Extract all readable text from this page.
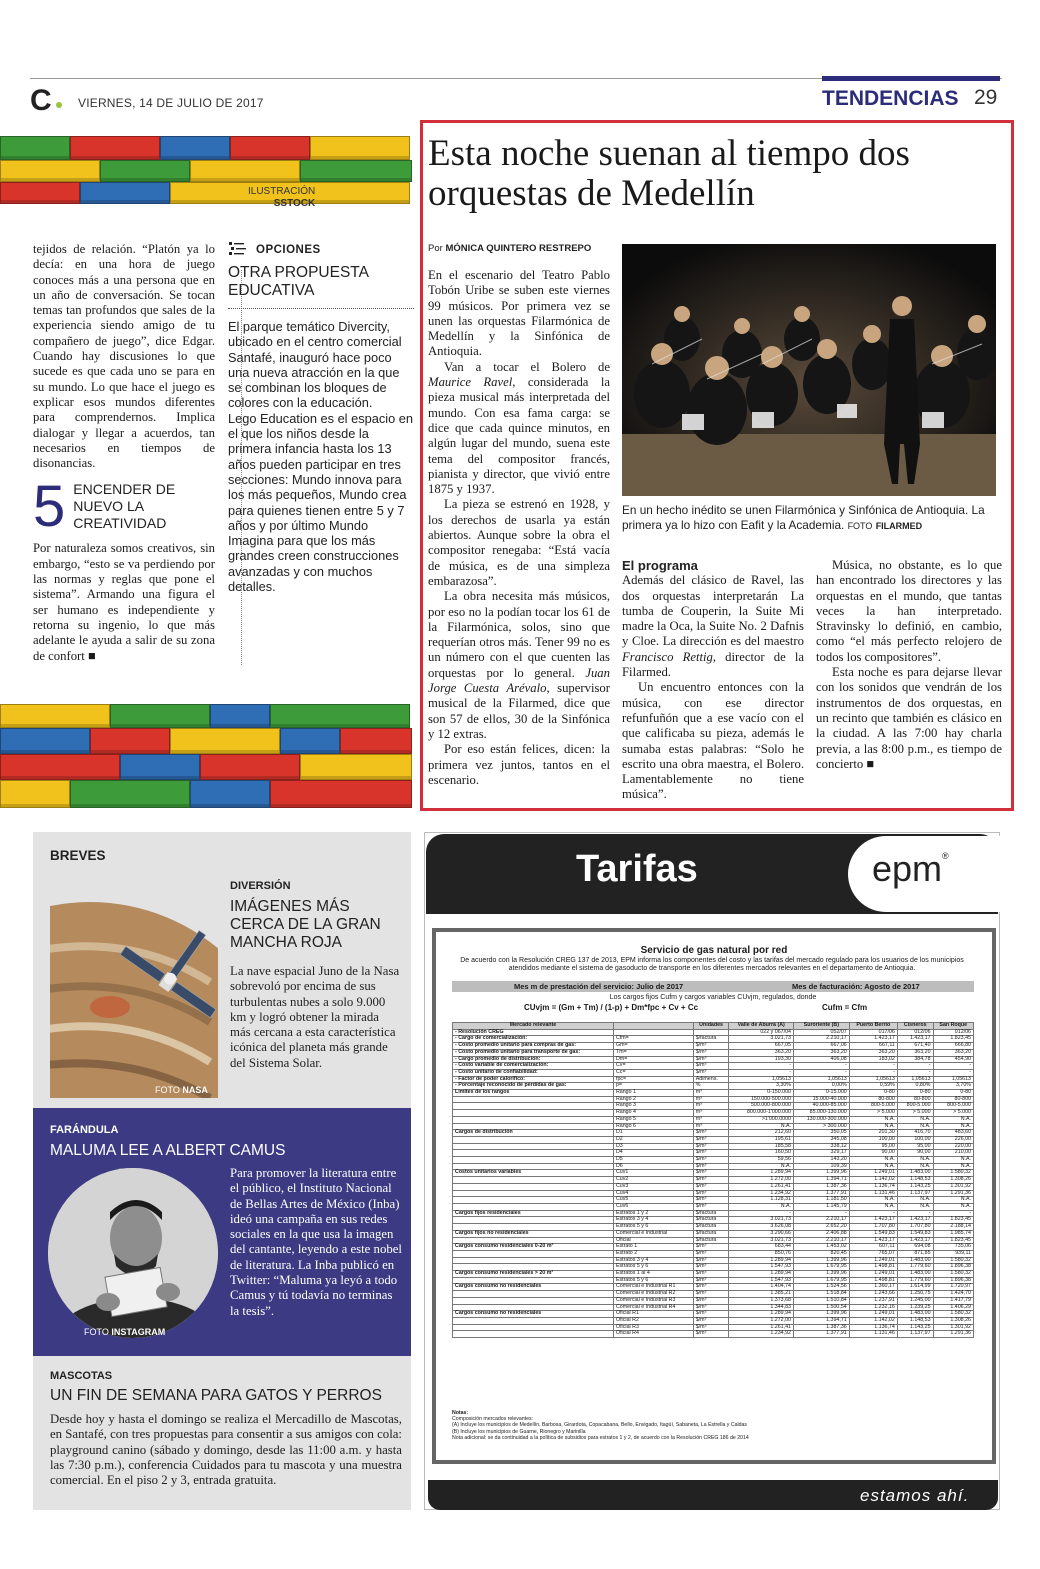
C VIERNES, 14 DE JULIO DE 2017	TENDENCIAS 29
ILUSTRACIÓN
SSTOCK

tejidos de relación. “Platón ya lo decía: en una hora de juego conoces más a una persona que en un año de conversación. Se tocan temas tan profundos que sales de la experiencia siendo amigo de tu compañero de juego”, dice Edgar. Cuando hay discusiones lo que sucede es que cada uno se para en su mundo. Lo que hace el juego es explicar esos mundos diferentes para comprendernos. Implica dialogar y llegar a acuerdos, tan necesarios en tiempos de disonancias.

5 ENCENDER DE NUEVO LA CREATIVIDAD

Por naturaleza somos creativos, sin embargo, “esto se va perdiendo por las normas y reglas que pone el sistema”. Armando una figura el ser humano es independiente y retorna su ingenio, lo que más adelante le ayuda a salir de su zona de confort ■

OPCIONES
OTRA PROPUESTA EDUCATIVA

El parque temático Divercity, ubicado en el centro comercial Santafé, inauguró hace poco una nueva atracción en la que se combinan los bloques de colores con la educación.

Lego Education es el espacio en el que los niños desde la primera infancia hasta los 13 años pueden participar en tres secciones: Mundo innova para los más pequeños, Mundo crea para quienes tienen entre 5 y 7 años y por último Mundo Imagina para que los más grandes creen construcciones avanzadas y con muchos detalles.

Esta noche suenan al tiempo dos orquestas de Medellín
Por MÓNICA QUINTERO RESTREPO

En el escenario del Teatro Pablo Tobón Uribe se suben este viernes 99 músicos. Por primera vez se unen las orquestas Filarmónica de Medellín y la Sinfónica de Antioquia.

Van a tocar el Bolero de Maurice Ravel, considerada la pieza musical más interpretada del mundo. Con esa fama carga: se dice que cada quince minutos, en algún lugar del mundo, suena este tema del compositor francés, pianista y director, que vivió entre 1875 y 1937.

La pieza se estrenó en 1928, y los derechos de usarla ya están abiertos. Aunque sobre la obra el compositor renegaba: “Está vacía de música, es de una simpleza embarazosa”.

La obra necesita más músicos, por eso no la podían tocar los 61 de la Filarmónica, solos, sino que requerían otros más. Tener 99 no es un número con el que cuenten las orquestas por lo general. Juan Jorge Cuesta Arévalo, supervisor musical de la Filarmed, dice que son 57 de ellos, 30 de la Sinfónica y 12 extras.

Por eso están felices, dicen: la primera vez juntos, tantos en el escenario.

En un hecho inédito se unen Filarmónica y Sinfónica de Antioquia. La primera ya lo hizo con Eafit y la Academia. FOTO FILARMED
El programa

Además del clásico de Ravel, las dos orquestas interpretarán La tumba de Couperin, la Suite Mi madre la Oca, la Suite No. 2 Dafnis y Cloe. La dirección es del maestro Francisco Rettig, director de la Filarmed.

Un encuentro entonces con la música, con ese director refunfuñón que a ese vacío con el que calificaba su pieza, además le sumaba estas palabras: “Solo he escrito una obra maestra, el Bolero. Lamentablemente no tiene música”.

Música, no obstante, es lo que han encontrado los directores y las orquestas en el mundo, que tantas veces la han interpretado. Stravinsky lo definió, en cambio, como “el más perfecto relojero de todos los compositores”.

Esta noche es para dejarse llevar con los sonidos que vendrán de los instrumentos de dos orquestas, en un recinto que también es clásico en la ciudad. A las 7:00 hay charla previa, a las 8:00 p.m., es tiempo de concierto ■

BREVES
FOTO NASA
DIVERSIÓN
IMÁGENES MÁS CERCA DE LA GRAN MANCHA ROJA

La nave espacial Juno de la Nasa sobrevoló por encima de sus turbulentas nubes a solo 9.000 km y logró obtener la mirada más cercana a esta característica icónica del planeta más grande del Sistema Solar.

FARÁNDULA
MALUMA LEE A ALBERT CAMUS
FOTO INSTAGRAM

Para promover la literatura entre el público, el Instituto Nacional de Bellas Artes de México (Inba) ideó una campaña en sus redes sociales en la que usa la imagen del cantante, leyendo a este nobel de literatura. La Inba publicó en Twitter: “Maluma ya leyó a todo Camus y tú todavía no terminas la tesis”.

MASCOTAS
UN FIN DE SEMANA PARA GATOS Y PERROS

Desde hoy y hasta el domingo se realiza el Mercadillo de Mascotas, en Santafé, con tres propuestas para consentir a sus amigos con cola: playground canino (sábado y domingo, desde las 11:00 a.m. y hasta las 7:30 p.m.), conferencia Cuidados para tu mascota y una muestra comercial. En el piso 2 y 3, entrada gratuita.

Tarifas	epm®
Servicio de gas natural por red
De acuerdo con la Resolución CREG 137 de 2013, EPM informa los componentes del costo y las tarifas del mercado regulado para los usuarios de los municipios atendidos mediante el sistema de gasoducto de transporte en los diferentes mercados relevantes en el departamento de Antioquia.
Mes m de prestación del servicio: Julio de 2017	Mes de facturación: Agosto de 2017
Los cargos fijos Cufm y cargos variables CUvjm, regulados, donde
CUvjm = (Gm + Tm) / (1-p) + Dm*fpc + Cv + Cc	Cufm = Cfm
Mercado relevante		Unidades	Valle de Aburrá (A)	Suroriente (B)	Puerto Berrío	Cisneros	San Roque
- Resolución CREG			022 y 067/04	052/07	017/06	012/06	012/06
- Cargo de comercialización:	Cfm=	$/factura	3.021,73	2.210,17	1.423,17	1.423,17	1.823,45
- Costo promedio unitario para compras de gas:	Gm=	$/m³	667,05	667,06	667,11	671,40	666,80
- Costo promedio unitario para transporte de gas:	Tm=	$/m³	363,20	363,20	363,20	363,20	363,20
- Cargo promedio de distribución:	Dm=	$/m³	193,30	406,08	183,02	384,78	454,90
- Costo variable de comercialización:	Cv=	$/m³	-	-	-	-	-
- Costo unitario de confiabilidad:	Cc=	$/m³	-	-	-	-	-
- Factor de poder calorífico:	fpc=	Adimens.	1,05613	1,05613	1,05613	1,05613	1,05613
- Porcentaje reconocido de pérdidas de gas:	p=	%	3,30%	0,00%	0,59%	0,80%	3,70%
Límites de los rangos	Rango 1	m³	0-150.000	0-15.000	0-80	0-80	0-80
	Rango 2	m³	150.000-500.000	15.000-40.000	80-800	80-800	80-800
	Rango 3	m³	500.000-800.000	40.000-85.000	800-5.000	800-5.000	800-5.000
	Rango 4	m³	800.000-1'000.000	85.000-130.000	> 5.000	> 5.000	> 5.000
	Rango 5	m³	>1'000.0000	130.000-300.000	N.A.	N.A.	N.A.
	Rango 6	m³	N.A.	> 300.000	N.A.	N.A.	N.A.
Cargos de distribución	D1	$/m³	212,60	350,05	201,30	416,70	483,60
	D2	$/m³	195,61	345,08	100,00	100,00	226,00
	D3	$/m³	185,58	338,12	95,00	95,00	220,00
	D4	$/m³	160,50	329,17	90,00	90,00	210,00
	D5	$/m³	59,56	143,20	N.A.	N.A.	N.A.
	D6	$/m³	N.A.	109,39	N.A.	N.A.	N.A.
Costos unitarios variables	Cuv1	$/m³	1.289,94	1.399,96	1.249,01	1.483,00	1.580,32
	Cuv2	$/m³	1.272,00	1.394,71	1.142,02	1.148,53	1.308,26
	Cuv3	$/m³	1.261,41	1.387,36	1.136,74	1.143,25	1.301,92
	Cuv4	$/m³	1.234,92	1.377,91	1.131,46	1.137,97	1.291,36
	Cuv5	$/m³	1.128,31	1.181,50	N.A.	N.A.	N.A.
	Cuv6	$/m³	N.A.	1.145,79	N.A.	N.A.	N.A.
Cargos fijos residenciales	Estratos 1 y 2	$/factura	-	-	-	-	-
	Estratos 3 y 4	$/factura	3.021,73	2.210,17	1.423,17	1.423,17	1.823,45
	Estratos 5 y 6	$/factura	3.626,08	2.652,20	1.707,80	1.707,80	2.188,14
Cargos fijos no residenciales	Comercial e Industrial	$/factura	3.290,66	2.406,88	1.549,83	1.549,83	1.985,74
	Oficial	$/factura	3.021,73	2.210,17	1.423,17	1.423,17	1.823,45
Cargos consumo residenciales 0-20 m³	Estrato 1	$/m³	683,44	1.453,02	607,11	694,08	735,06
	Estrato 2	$/m³	850,76	820,45	765,07	871,85	939,11
	Estratos 3 y 4	$/m³	1.289,94	1.399,96	1.249,01	1.483,00	1.580,32
	Estratos 5 y 6	$/m³	1.547,93	1.679,95	1.498,81	1.779,60	1.896,38
Cargos consumo residenciales > 20 m³	Estratos 1 al 4	$/m³	1.289,94	1.399,96	1.249,01	1.483,00	1.580,32
	Estratos 5 y 6	$/m³	1.547,93	1.679,95	1.498,81	1.779,60	1.896,38
Cargos consumo no residenciales	Comercial e Industrial R1	$/m³	1.404,74	1.524,56	1.360,17	1.614,99	1.720,97
	Comercial e Industrial R2	$/m³	1.385,21	1.518,84	1.243,66	1.250,75	1.424,70
	Comercial e Industrial R3	$/m³	1.373,68	1.510,84	1.237,91	1.245,00	1.417,79
	Comercial e Industrial R4	$/m³	1.344,83	1.500,54	1.232,16	1.239,25	1.406,29
Cargos consumo no residenciales	Oficial R1	$/m³	1.289,94	1.399,96	1.249,01	1.483,00	1.580,32
	Oficial R2	$/m³	1.272,00	1.394,71	1.142,02	1.148,53	1.308,26
	Oficial R3	$/m³	1.261,41	1.387,36	1.136,74	1.143,25	1.301,92
	Oficial R4	$/m³	1.234,92	1.377,91	1.131,46	1.137,97	1.291,36
Notas:
Composición mercados relevantes:
(A) Incluye los municipios de Medellín, Barbosa, Girardota, Copacabana, Bello, Envigado, Itagüí, Sabaneta, La Estrella y Caldas
(B) Incluye los municipios de Guarne, Rionegro y Marinilla
Nota adicional: se da continuidad a la política de subsidios para estratos 1 y 2, de acuerdo con la Resolución CREG 186 de 2014
estamos ahí.
